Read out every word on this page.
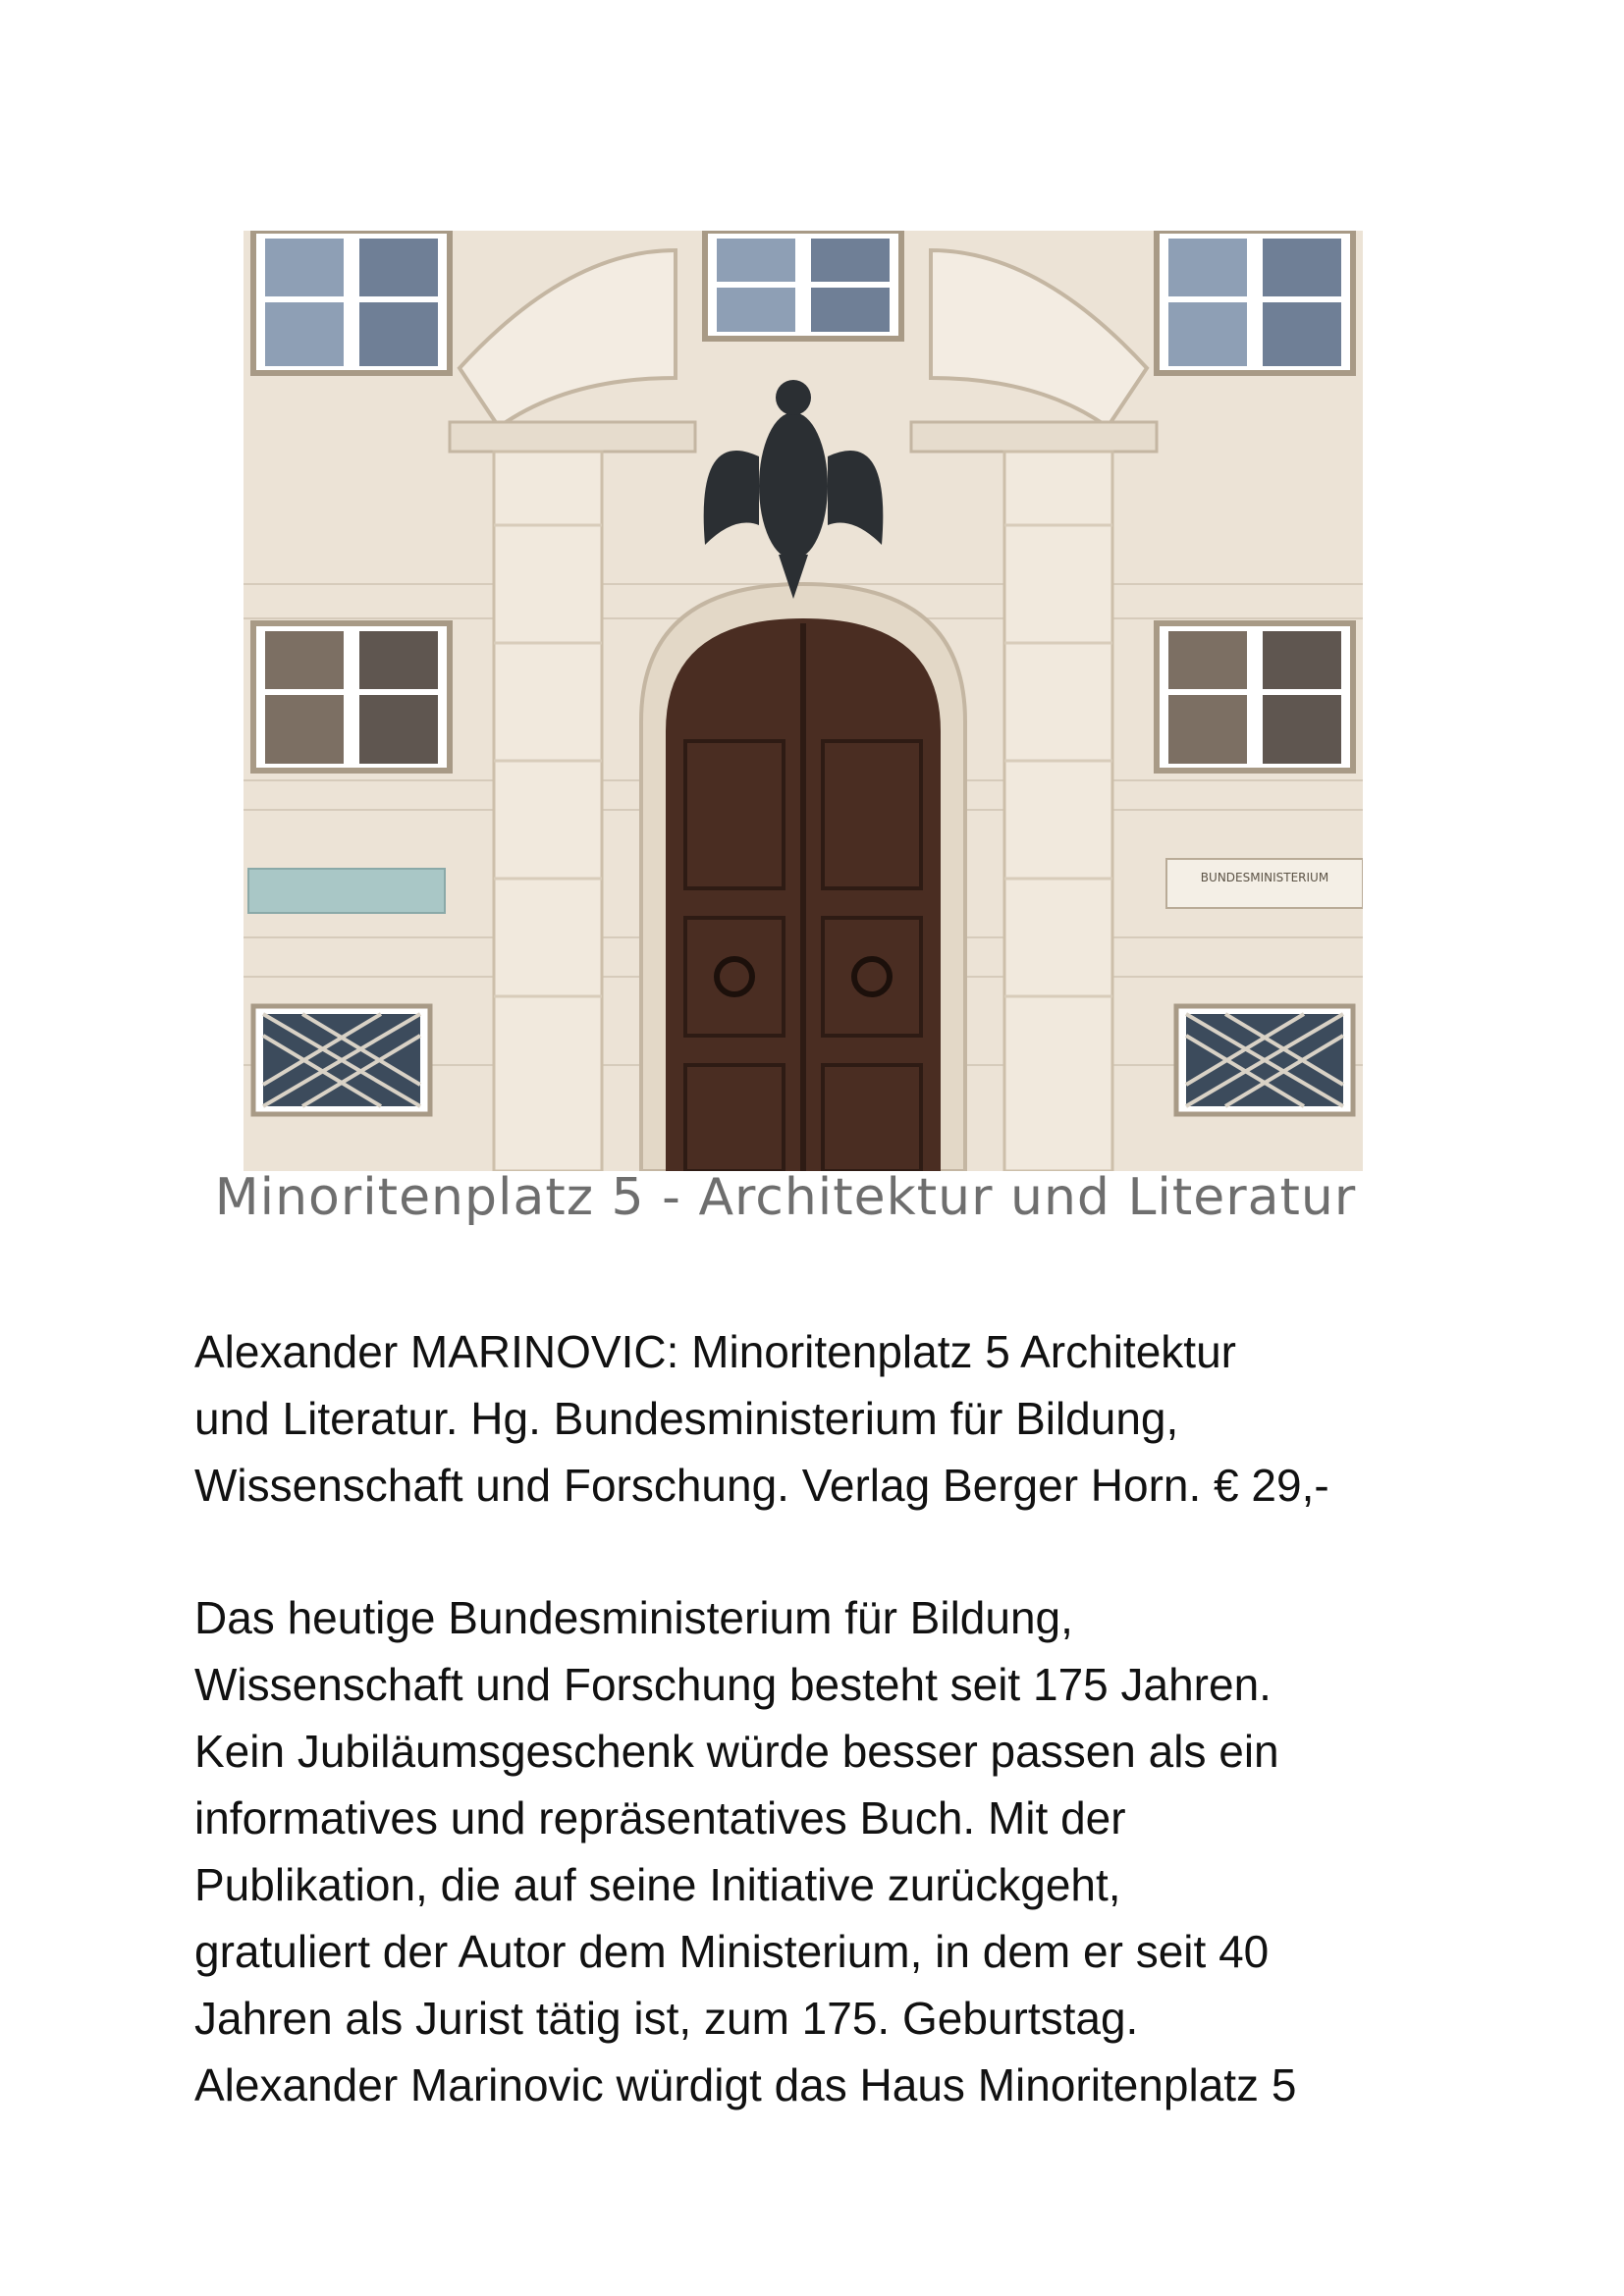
BUNDESMINISTERIUM
Minoritenplatz 5 - Architektur und Literatur
Alexander MARINOVIC: Minoritenplatz 5 Architektur
und Literatur. Hg. Bundesministerium für Bildung,
Wissenschaft und Forschung. Verlag Berger Horn. € 29,-
Das heutige Bundesministerium für Bildung,
Wissenschaft und Forschung besteht seit 175 Jahren.
Kein Jubiläumsgeschenk würde besser passen als ein
informatives und repräsentatives Buch. Mit der
Publikation, die auf seine Initiative zurückgeht,
gratuliert der Autor dem Ministerium, in dem er seit 40
Jahren als Jurist tätig ist, zum 175. Geburtstag.
Alexander Marinovic würdigt das Haus Minoritenplatz 5
